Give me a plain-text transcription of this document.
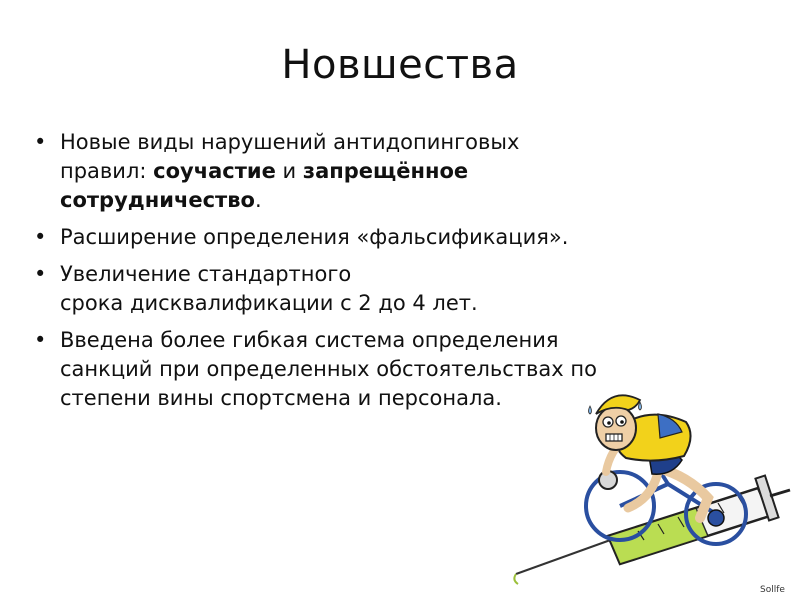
Новшества
• Новые виды нарушений антидопинговых
правил: соучастие и запрещённое
сотрудничество.
• Расширение определения «фальсификация».
• Увеличение стандартного
срока дисквалификации с 2 до 4 лет.
• Введена более гибкая система определения
санкций при определенных обстоятельствах по
степени вины спортсмена и персонала.
Sollfe
